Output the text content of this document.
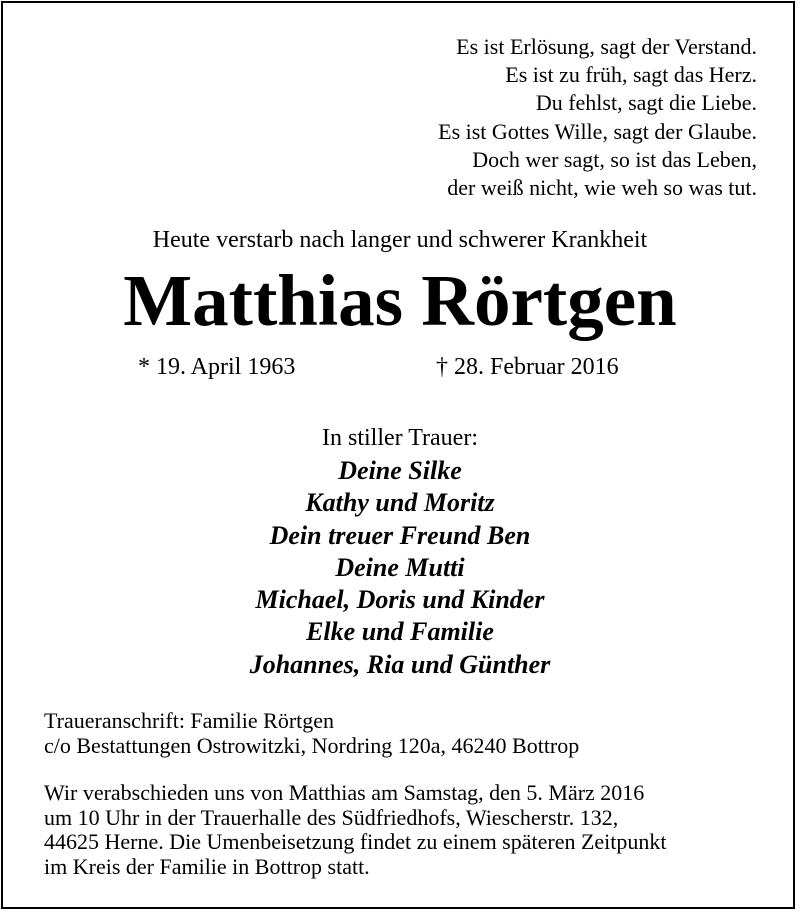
Es ist Erlösung, sagt der Verstand.
Es ist zu früh, sagt das Herz.
Du fehlst, sagt die Liebe.
Es ist Gottes Wille, sagt der Glaube.
Doch wer sagt, so ist das Leben,
der weiß nicht, wie weh so was tut.
Heute verstarb nach langer und schwerer Krankheit
Matthias Rörtgen
* 19. April 1963	† 28. Februar 2016
In stiller Trauer:
Deine Silke
Kathy und Moritz
Dein treuer Freund Ben
Deine Mutti
Michael, Doris und Kinder
Elke und Familie
Johannes, Ria und Günther
Traueranschrift: Familie Rörtgen
c/o Bestattungen Ostrowitzki, Nordring 120a, 46240 Bottrop
Wir verabschieden uns von Matthias am Samstag, den 5. März 2016
um 10 Uhr in der Trauerhalle des Südfriedhofs, Wiescherstr. 132,
44625 Herne. Die Umenbeisetzung findet zu einem späteren Zeitpunkt
im Kreis der Familie in Bottrop statt.
